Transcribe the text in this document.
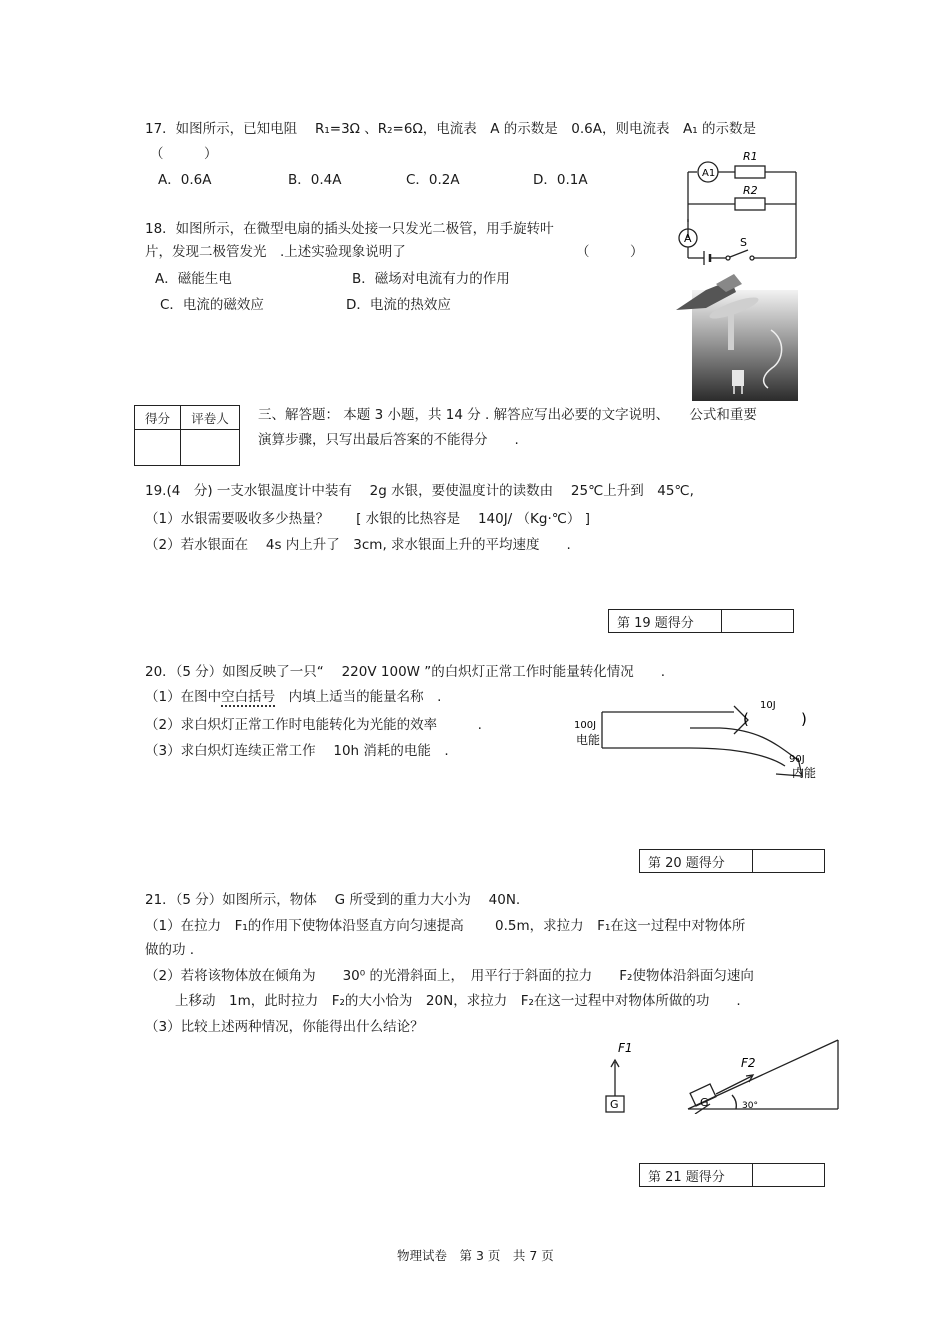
17．如图所示，已知电阻　 R₁=3Ω 、R₂=6Ω，电流表　A 的示数是　0.6A，则电流表　A₁ 的示数是
（　　　）
A．0.6A	B．0.4A	C．0.2A	D．0.1A	A1
A
R1
R2
S
18．如图所示，在微型电扇的插头处接一只发光二极管，用手旋转叶
片，发现二极管发光　.上述实验现象说明了	（　　　）
A．磁能生电	B．磁场对电流有力的作用
C．电流的磁效应	D．电流的热效应
得分	评卷人
	三、解答题： 本题 3 小题，共 14 分 . 解答应写出必要的文字说明、　　公式和重要
演算步骤，只写出最后答案的不能得分　　.
19.(4　分) 一支水银温度计中装有　 2g 水银，要使温度计的读数由　 25℃上升到　45℃,
（1）水银需要吸收多少热量？　　[ 水银的比热容是　 140J/ （Kg·℃） ]
（2）若水银面在　 4s 内上升了　3cm, 求水银面上升的平均速度　　.
第 19 题得分	
20．（5 分）如图反映了一只“　 220V 100W ”的白炽灯正常工作时能量转化情况　　.
（1）在图中空白括号　 内填上适当的能量名称　.
（2）求白炽灯正常工作时电能转化为光能的效率　　　.
（3）求白炽灯连续正常工作　 10h 消耗的电能　.
(	)
100J
电能
10J
90J
内能
第 20 题得分	
21．（5 分）如图所示，物体　 G 所受到的重力大小为　 40N.
（1）在拉力　F₁的作用下使物体沿竖直方向匀速提高　　 0.5m，求拉力　F₁在这一过程中对物体所
做的功 .
（2）若将该物体放在倾角为　　30⁰ 的光滑斜面上，　用平行于斜面的拉力　　F₂使物体沿斜面匀速向
上移动　1m，此时拉力　F₂的大小恰为　20N，求拉力　F₂在这一过程中对物体所做的功　　.
（3）比较上述两种情况，你能得出什么结论？
F1
F2
G	G	30°
第 21 题得分	
物理试卷　第 3 页　共 7 页
